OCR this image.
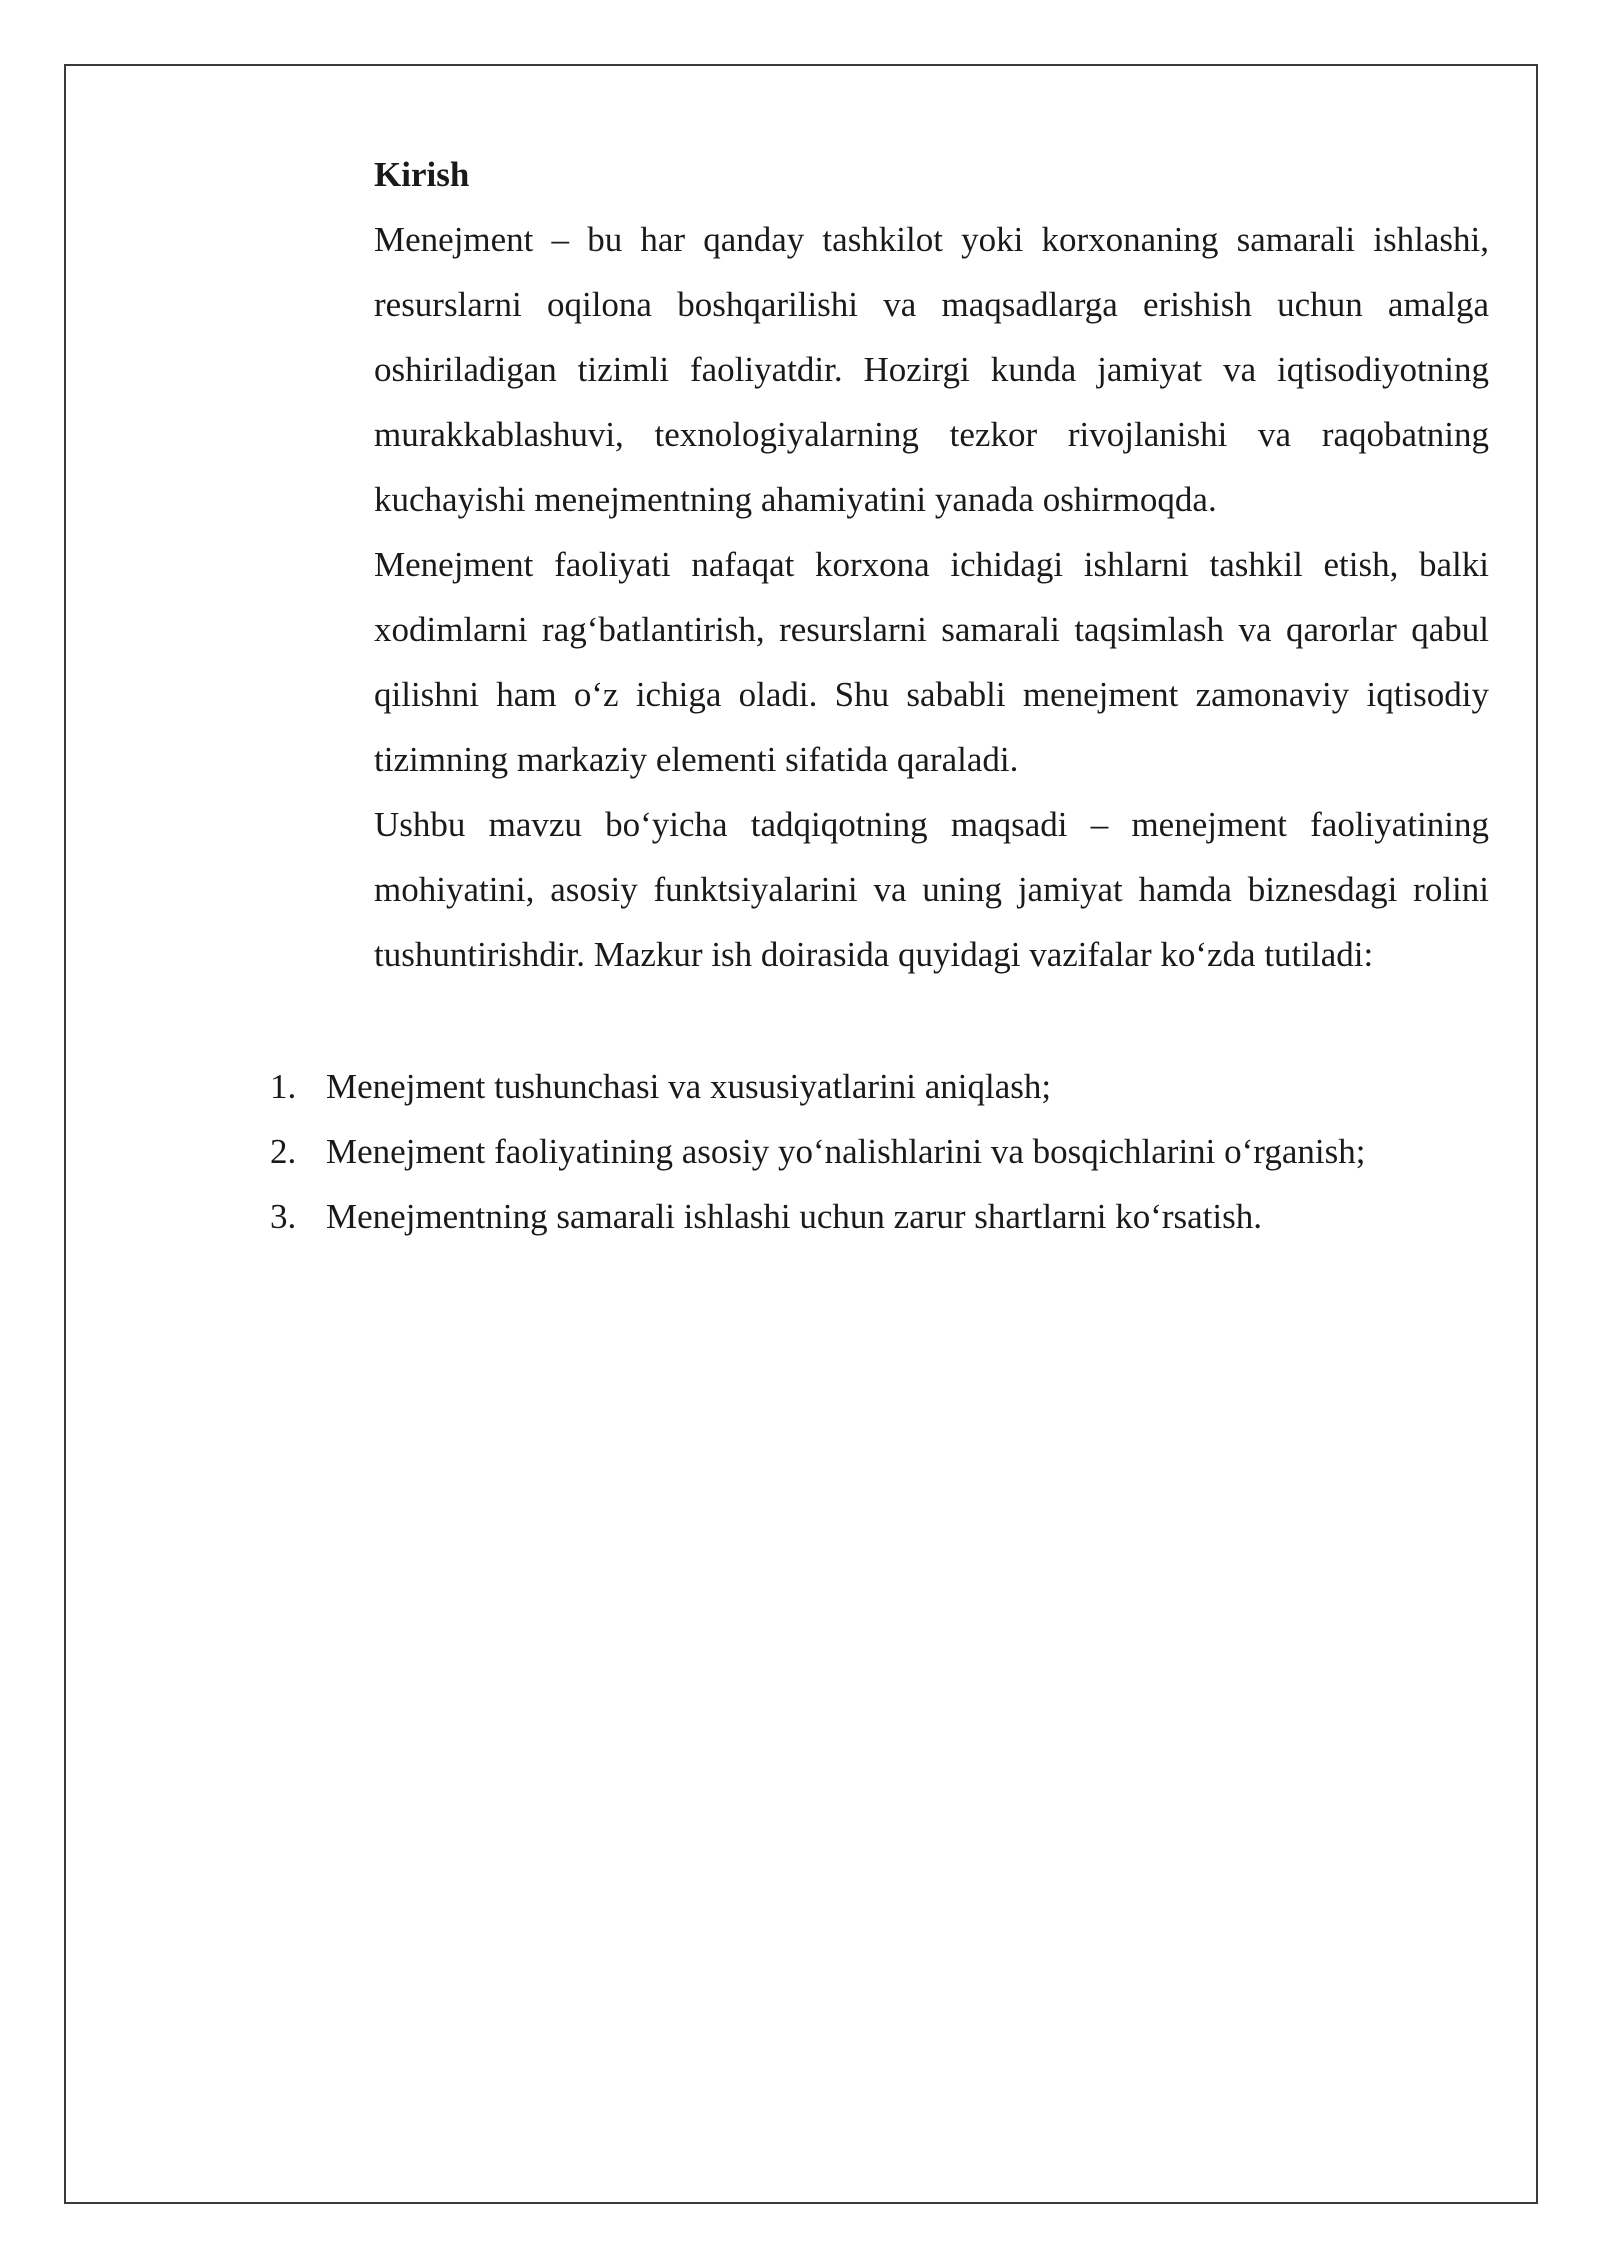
Kirish

Menejment – bu har qanday tashkilot yoki korxonaning samarali ishlashi, resurslarni oqilona boshqarilishi va maqsadlarga erishish uchun amalga oshiriladigan tizimli faoliyatdir. Hozirgi kunda jamiyat va iqtisodiyotning murakkablashuvi, texnologiyalarning tezkor rivojlanishi va raqobatning kuchayishi menejmentning ahamiyatini yanada oshirmoqda.

Menejment faoliyati nafaqat korxona ichidagi ishlarni tashkil etish, balki xodimlarni rag‘batlantirish, resurslarni samarali taqsimlash va qarorlar qabul qilishni ham o‘z ichiga oladi. Shu sababli menejment zamonaviy iqtisodiy tizimning markaziy elementi sifatida qaraladi.

Ushbu mavzu bo‘yicha tadqiqotning maqsadi – menejment faoliyatining mohiyatini, asosiy funktsiyalarini va uning jamiyat hamda biznesdagi rolini tushuntirishdir. Mazkur ish doirasida quyidagi vazifalar ko‘zda tutiladi:

1. Menejment tushunchasi va xususiyatlarini aniqlash;
2. Menejment faoliyatining asosiy yo‘nalishlarini va bosqichlarini o‘rganish;
3. Menejmentning samarali ishlashi uchun zarur shartlarni ko‘rsatish.
